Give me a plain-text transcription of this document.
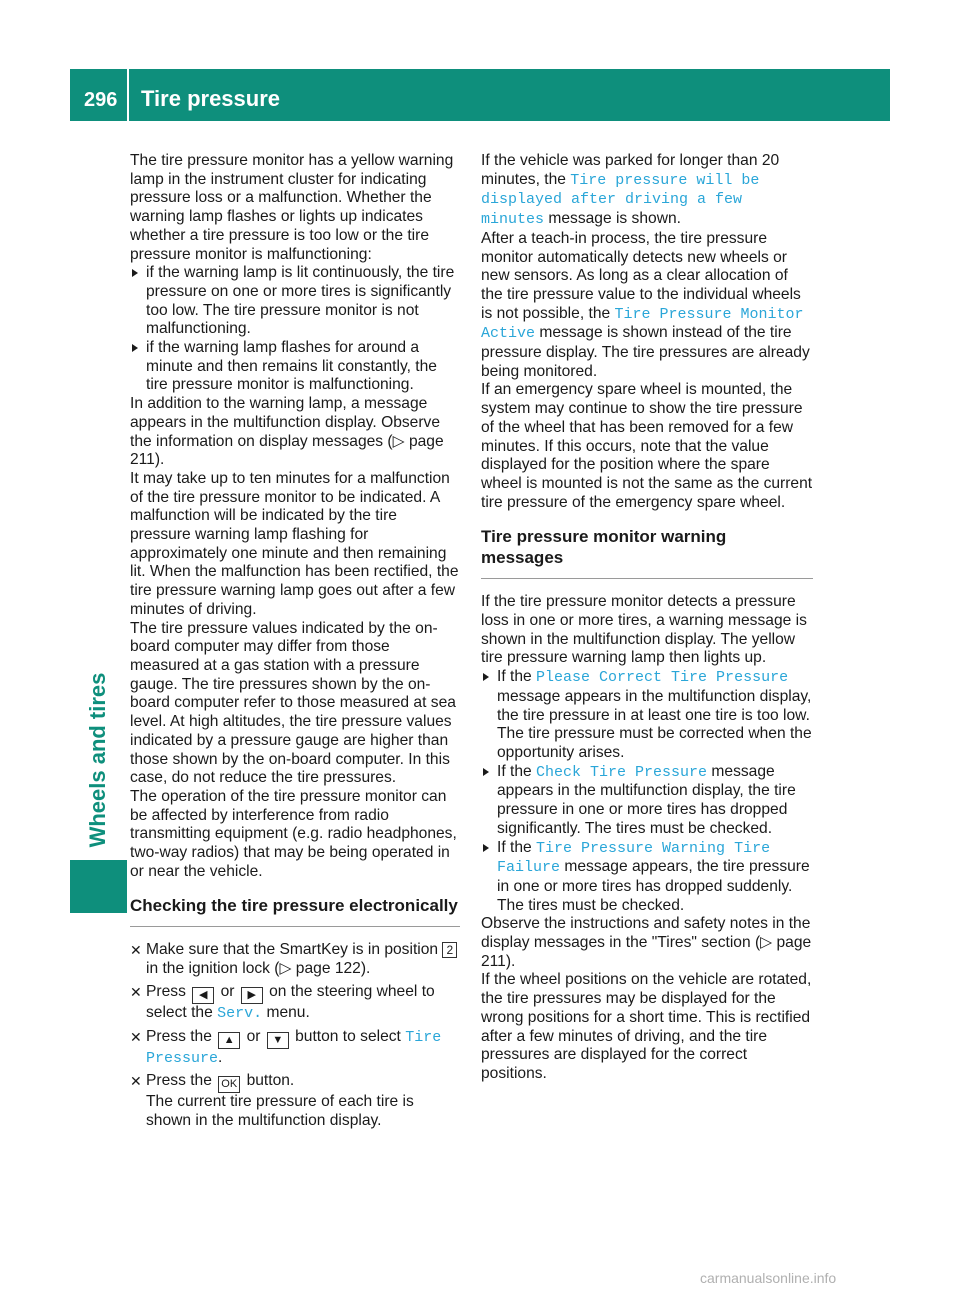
296 Tire pressure
Wheels and tires

The tire pressure monitor has a yellow warning lamp in the instrument cluster for indicating pressure loss or a malfunction. Whether the warning lamp flashes or lights up indicates whether a tire pressure is too low or the tire pressure monitor is malfunctioning:

if the warning lamp is lit continuously, the tire pressure on one or more tires is significantly too low. The tire pressure monitor is not malfunctioning.
if the warning lamp flashes for around a minute and then remains lit constantly, the tire pressure monitor is malfunctioning.

In addition to the warning lamp, a message appears in the multifunction display. Observe the information on display messages (▷ page 211).

It may take up to ten minutes for a malfunction of the tire pressure monitor to be indicated. A malfunction will be indicated by the tire pressure warning lamp flashing for approximately one minute and then remaining lit. When the malfunction has been rectified, the tire pressure warning lamp goes out after a few minutes of driving.

The tire pressure values indicated by the on-board computer may differ from those measured at a gas station with a pressure gauge. The tire pressures shown by the on-board computer refer to those measured at sea level. At high altitudes, the tire pressure values indicated by a pressure gauge are higher than those shown by the on-board computer. In this case, do not reduce the tire pressures.

The operation of the tire pressure monitor can be affected by interference from radio transmitting equipment (e.g. radio headphones, two-way radios) that may be being operated in or near the vehicle.

Checking the tire pressure electronically
✕ Make sure that the SmartKey is in position 2 in the ignition lock (▷ page 122).
✕ Press ◀ or ▶ on the steering wheel to select the Serv. menu.
✕ Press the ▲ or ▼ button to select Tire Pressure.
✕ Press the OK button.
The current tire pressure of each tire is shown in the multifunction display.

If the vehicle was parked for longer than 20 minutes, the Tire pressure will be displayed after driving a few minutes message is shown.

After a teach-in process, the tire pressure monitor automatically detects new wheels or new sensors. As long as a clear allocation of the tire pressure value to the individual wheels is not possible, the Tire Pressure Monitor Active message is shown instead of the tire pressure display. The tire pressures are already being monitored.

If an emergency spare wheel is mounted, the system may continue to show the tire pressure of the wheel that has been removed for a few minutes. If this occurs, note that the value displayed for the position where the spare wheel is mounted is not the same as the current tire pressure of the emergency spare wheel.

Tire pressure monitor warning messages

If the tire pressure monitor detects a pressure loss in one or more tires, a warning message is shown in the multifunction display. The yellow tire pressure warning lamp then lights up.

If the Please Correct Tire Pressure message appears in the multifunction display, the tire pressure in at least one tire is too low. The tire pressure must be corrected when the opportunity arises.
If the Check Tire Pressure message appears in the multifunction display, the tire pressure in one or more tires has dropped significantly. The tires must be checked.
If the Tire Pressure Warning Tire Failure message appears, the tire pressure in one or more tires has dropped suddenly. The tires must be checked.

Observe the instructions and safety notes in the display messages in the "Tires" section (▷ page 211).

If the wheel positions on the vehicle are rotated, the tire pressures may be displayed for the wrong positions for a short time. This is rectified after a few minutes of driving, and the tire pressures are displayed for the correct positions.

carmanualsonline.info
